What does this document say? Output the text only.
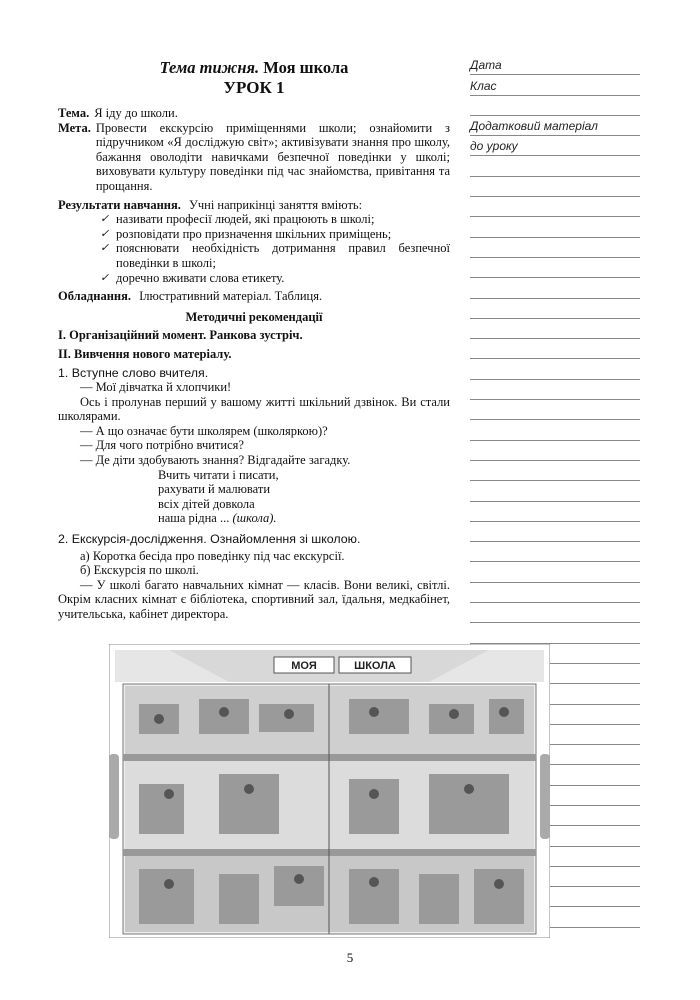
Тема тижня. Моя школа
УРОК 1
Тема. Я іду до школи.
Мета. Провести екскурсію приміщеннями школи; ознайомити з підручником «Я досліджую світ»; активізувати знання про школу, бажання оволодіти навичками безпечної поведінки у школі; виховувати культуру поведінки під час знайомства, привітання та прощання.
Результати навчання. Учні наприкінці заняття вміють:
✓ називати професії людей, які працюють в школі;
✓ розповідати про призначення шкільних приміщень;
✓ пояснювати необхідність дотримання правил безпечної поведінки в школі;
✓ доречно вживати слова етикету.
Обладнання. Ілюстративний матеріал. Таблиця.
Методичні рекомендації
I. Організаційний момент. Ранкова зустріч.
II. Вивчення нового матеріалу.
1. Вступне слово вчителя.
— Мої дівчатка й хлопчики!
Ось і пролунав перший у вашому житті шкільний дзвінок. Ви стали школярами.
— А що означає бути школярем (школяркою)?
— Для чого потрібно вчитися?
— Де діти здобувають знання? Відгадайте загадку.
Вчить читати і писати,
рахувати й малювати
всіх дітей довкола
наша рідна ... (школа).
2. Екскурсія-дослідження. Ознайомлення зі школою.
а) Коротка бесіда про поведінку під час екскурсії.
б) Екскурсія по школі.
— У школі багато навчальних кімнат — класів. Вони великі, світлі. Окрім класних кімнат є бібліотека, спортивний зал, їдальня, медкабінет, учительська, кабінет директора.
Дата
Клас
Додатковий матеріал
до уроку
МОЯ	ШКОЛА
5
